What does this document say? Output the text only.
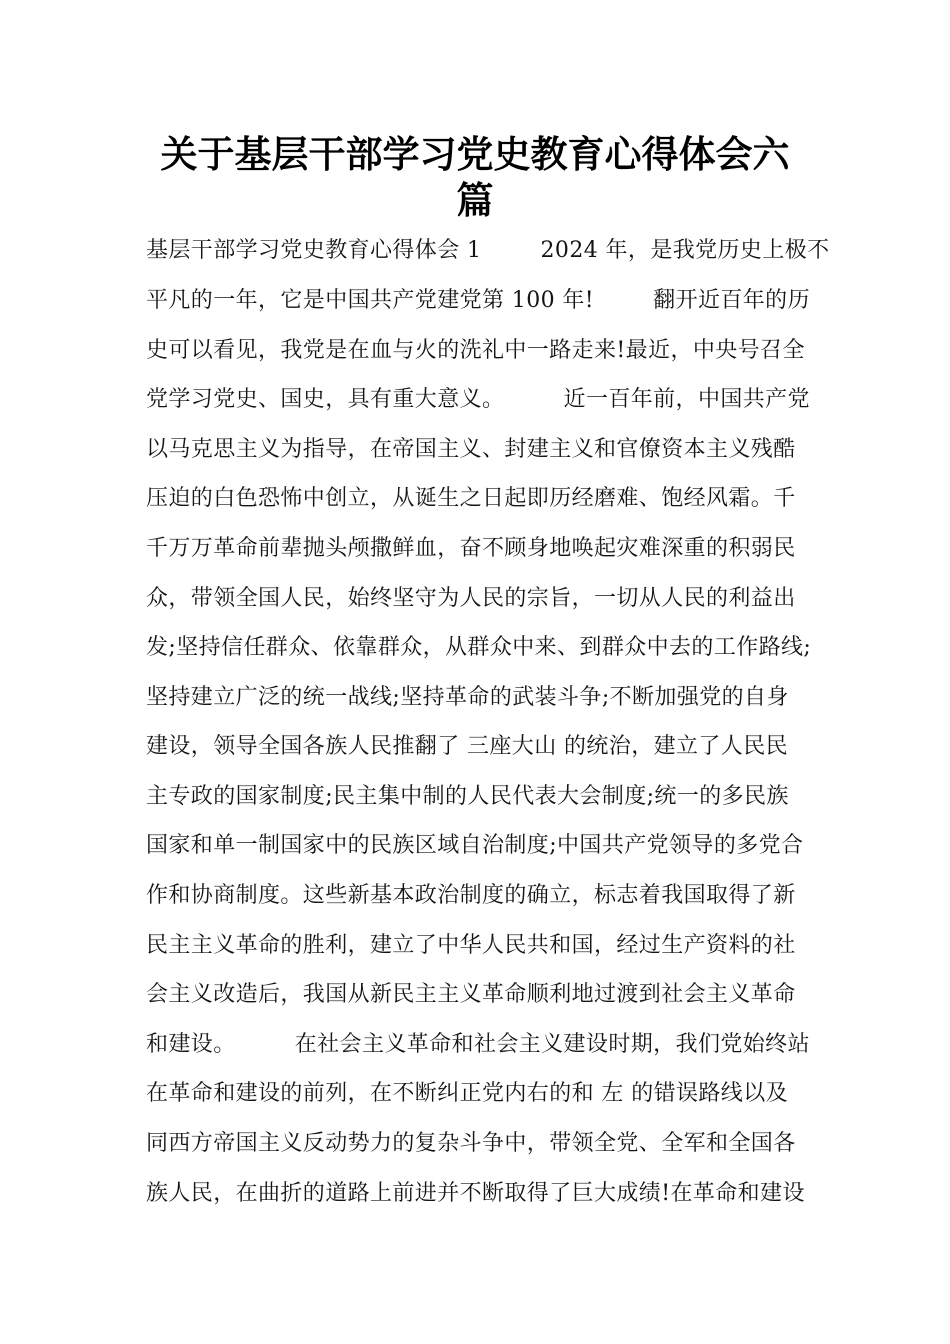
关于基层干部学习党史教育心得体会六
篇
基层干部学习党史教育心得体会 1        2024 年，是我党历史上极不
平凡的一年，它是中国共产党建党第 100 年!        翻开近百年的历
史可以看见，我党是在血与火的洗礼中一路走来!最近，中央号召全
党学习党史、国史，具有重大意义。        近一百年前，中国共产党
以马克思主义为指导，在帝国主义、封建主义和官僚资本主义残酷
压迫的白色恐怖中创立，从诞生之日起即历经磨难、饱经风霜。千
千万万革命前辈抛头颅撒鲜血，奋不顾身地唤起灾难深重的积弱民
众，带领全国人民，始终坚守为人民的宗旨，一切从人民的利益出
发;坚持信任群众、依靠群众，从群众中来、到群众中去的工作路线;
坚持建立广泛的统一战线;坚持革命的武装斗争;不断加强党的自身
建设，领导全国各族人民推翻了 三座大山 的统治，建立了人民民
主专政的国家制度;民主集中制的人民代表大会制度;统一的多民族
国家和单一制国家中的民族区域自治制度;中国共产党领导的多党合
作和协商制度。这些新基本政治制度的确立，标志着我国取得了新
民主主义革命的胜利，建立了中华人民共和国，经过生产资料的社
会主义改造后，我国从新民主主义革命顺利地过渡到社会主义革命
和建设。        在社会主义革命和社会主义建设时期，我们党始终站
在革命和建设的前列，在不断纠正党内右的和 左 的错误路线以及
同西方帝国主义反动势力的复杂斗争中，带领全党、全军和全国各
族人民，在曲折的道路上前进并不断取得了巨大成绩!在革命和建设
